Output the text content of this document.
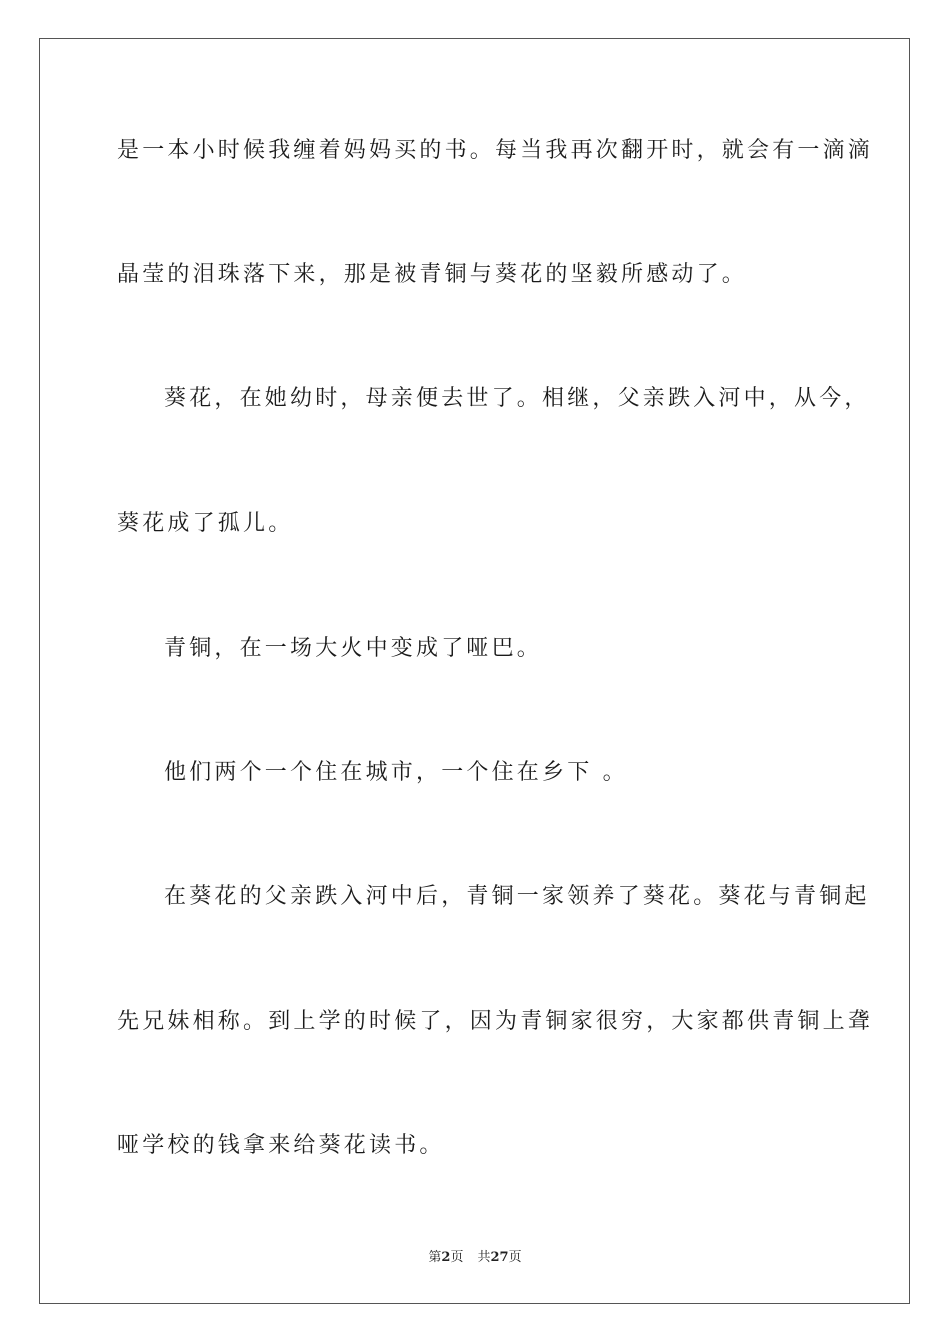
是一本小时候我缠着妈妈买的书。每当我再次翻开时，就会有一滴滴
晶莹的泪珠落下来，那是被青铜与葵花的坚毅所感动了。
葵花，在她幼时，母亲便去世了。相继，父亲跌入河中，从今，
葵花成了孤儿。
青铜，在一场大火中变成了哑巴。
他们两个一个住在城市，一个住在乡下 。
在葵花的父亲跌入河中后，青铜一家领养了葵花。葵花与青铜起
先兄妹相称。到上学的时候了，因为青铜家很穷，大家都供青铜上聋
哑学校的钱拿来给葵花读书。
第2页 共27页
